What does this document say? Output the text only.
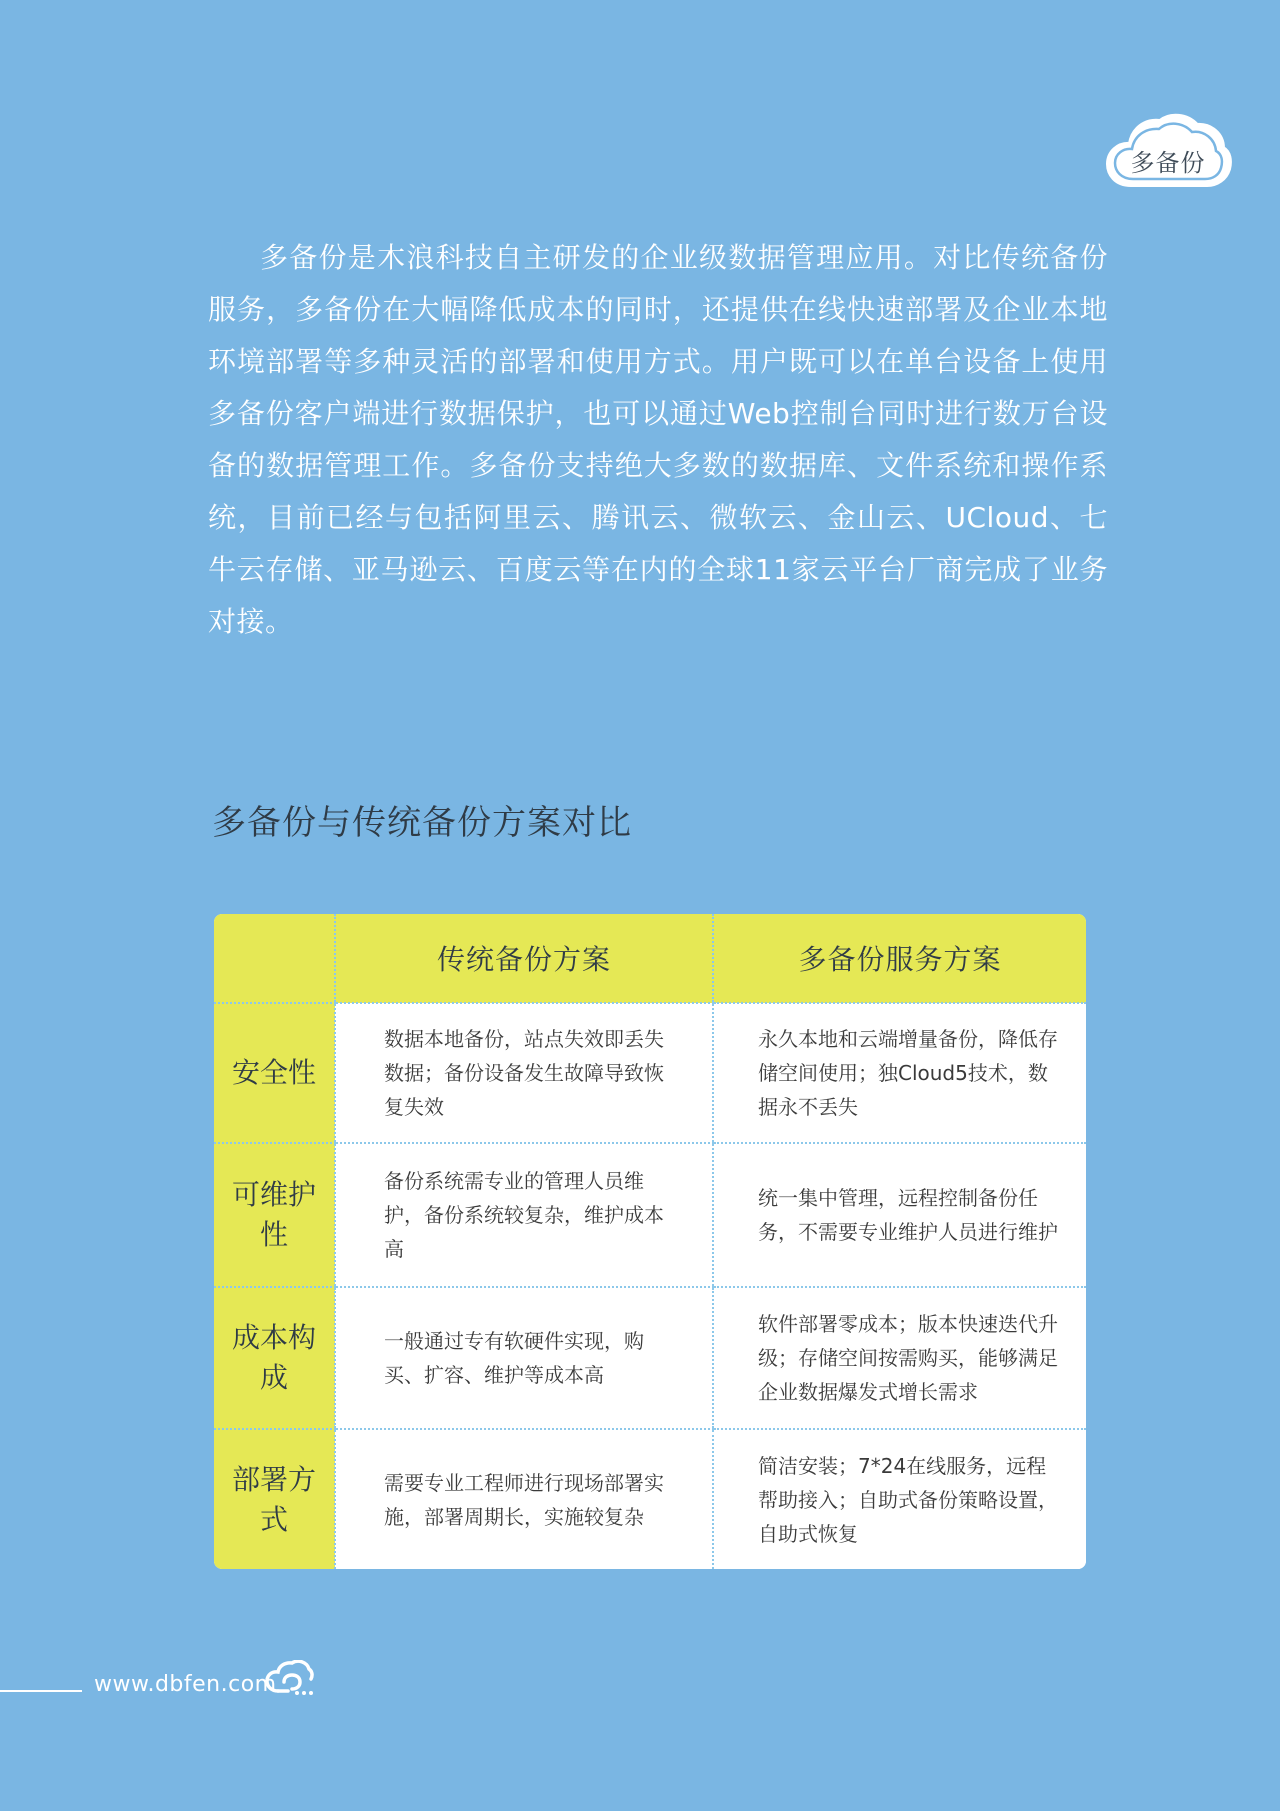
多备份

多备份是木浪科技自主研发的企业级数据管理应用。对比传统备份服务，多备份在大幅降低成本的同时，还提供在线快速部署及企业本地环境部署等多种灵活的部署和使用方式。用户既可以在单台设备上使用多备份客户端进行数据保护，也可以通过Web控制台同时进行数万台设备的数据管理工作。多备份支持绝大多数的数据库、文件系统和操作系统，目前已经与包括阿里云、腾讯云、微软云、金山云、UCloud、七牛云存储、亚马逊云、百度云等在内的全球11家云平台厂商完成了业务对接。

多备份与传统备份方案对比
	传统备份方案	多备份服务方案
安全性	数据本地备份，站点失效即丢失数据；备份设备发生故障导致恢复失效	永久本地和云端增量备份，降低存储空间使用；独Cloud5技术，数据永不丢失
可维护性	备份系统需专业的管理人员维护，备份系统较复杂，维护成本高	统一集中管理，远程控制备份任务，不需要专业维护人员进行维护
成本构成	一般通过专有软硬件实现，购买、扩容、维护等成本高	软件部署零成本；版本快速迭代升级；存储空间按需购买，能够满足企业数据爆发式增长需求
部署方式	需要专业工程师进行现场部署实施，部署周期长，实施较复杂	简洁安装；7*24在线服务，远程帮助接入；自助式备份策略设置，自助式恢复
www.dbfen.com
